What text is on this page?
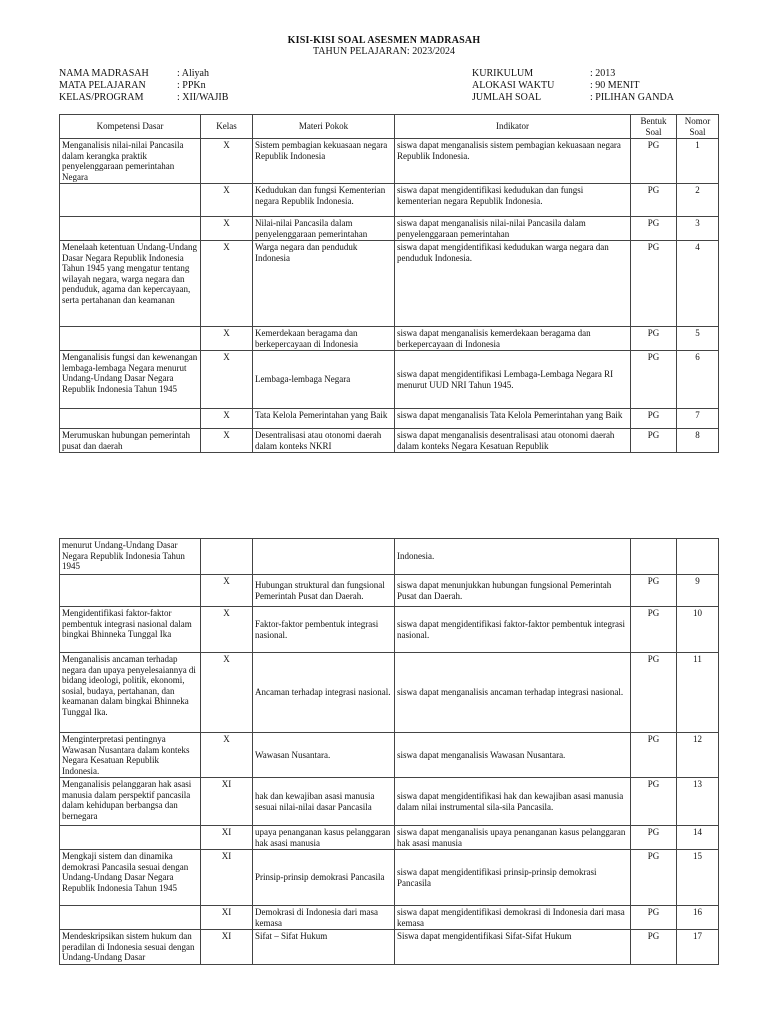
KISI-KISI SOAL ASESMEN MADRASAH
TAHUN PELAJARAN: 2023/2024
NAMA MADRASAH	: Aliyah
MATA PELAJARAN	: PPKn
KELAS/PROGRAM	: XII/WAJIB
KURIKULUM	: 2013
ALOKASI WAKTU	: 90 MENIT
JUMLAH SOAL	: PILIHAN GANDA
Kompetensi Dasar	Kelas	Materi Pokok	Indikator	Bentuk Soal	Nomor Soal
Menganalisis nilai-nilai Pancasila dalam kerangka praktik penyelenggaraan pemerintahan Negara	X	Sistem pembagian kekuasaan negara Republik Indonesia	siswa dapat menganalisis sistem pembagian kekuasaan negara Republik Indonesia.	PG	1
	X	Kedudukan dan fungsi Kementerian negara Republik Indonesia.	siswa dapat mengidentifikasi kedudukan dan fungsi kementerian negara Republik Indonesia.	PG	2
	X	Nilai-nilai Pancasila dalam penyelenggaraan pemerintahan	siswa dapat menganalisis nilai-nilai Pancasila dalam penyelenggaraan pemerintahan	PG	3
Menelaah ketentuan Undang-Undang Dasar Negara Republik Indonesia Tahun 1945 yang mengatur tentang wilayah negara, warga negara dan penduduk, agama dan kepercayaan, serta pertahanan dan keamanan	X	Warga negara dan penduduk Indonesia	siswa dapat mengidentifikasi kedudukan warga negara dan penduduk Indonesia.	PG	4
	X	Kemerdekaan beragama dan berkepercayaan di Indonesia	siswa dapat menganalisis kemerdekaan beragama dan berkepercayaan di Indonesia	PG	5
Menganalisis fungsi dan kewenangan lembaga-lembaga Negara menurut Undang-Undang Dasar Negara Republik Indonesia Tahun 1945	X	Lembaga-lembaga Negara	siswa dapat mengidentifikasi Lembaga-Lembaga Negara RI menurut UUD NRI Tahun 1945.	PG	6
	X	Tata Kelola Pemerintahan yang Baik	siswa dapat menganalisis Tata Kelola Pemerintahan yang Baik	PG	7
Merumuskan hubungan pemerintah pusat dan daerah	X	Desentralisasi atau otonomi daerah dalam konteks NKRI	siswa dapat menganalisis desentralisasi atau otonomi daerah dalam konteks Negara Kesatuan Republik	PG	8
menurut Undang-Undang Dasar Negara Republik Indonesia Tahun 1945			Indonesia.		
	X	Hubungan struktural dan fungsional Pemerintah Pusat dan Daerah.	siswa dapat menunjukkan hubungan fungsional Pemerintah Pusat dan Daerah.	PG	9
Mengidentifikasi faktor-faktor pembentuk integrasi nasional dalam bingkai Bhinneka Tunggal Ika	X	Faktor-faktor pembentuk integrasi nasional.	siswa dapat mengidentifikasi faktor-faktor pembentuk integrasi nasional.	PG	10
Menganalisis ancaman terhadap negara dan upaya penyelesaiannya di bidang ideologi, politik, ekonomi, sosial, budaya, pertahanan, dan keamanan dalam bingkai Bhinneka Tunggal Ika.	X	Ancaman terhadap integrasi nasional.	siswa dapat menganalisis ancaman terhadap integrasi nasional.	PG	11
Menginterpretasi pentingnya Wawasan Nusantara dalam konteks Negara Kesatuan Republik Indonesia.	X	Wawasan Nusantara.	siswa dapat menganalisis Wawasan Nusantara.	PG	12
Menganalisis pelanggaran hak asasi manusia dalam perspektif pancasila dalam kehidupan berbangsa dan bernegara	XI	hak dan kewajiban asasi manusia sesuai nilai-nilai dasar Pancasila	siswa dapat mengidentifikasi hak dan kewajiban asasi manusia dalam nilai instrumental sila-sila Pancasila.	PG	13
	XI	upaya penanganan kasus pelanggaran hak asasi manusia	siswa dapat menganalisis upaya penanganan kasus pelanggaran hak asasi manusia	PG	14
Mengkaji sistem dan dinamika demokrasi Pancasila sesuai dengan Undang-Undang Dasar Negara Republik Indonesia Tahun 1945	XI	Prinsip-prinsip demokrasi Pancasila	siswa dapat mengidentifikasi prinsip-prinsip demokrasi Pancasila	PG	15
	XI	Demokrasi di Indonesia dari masa kemasa	siswa dapat mengidentifikasi demokrasi di Indonesia dari masa kemasa	PG	16
Mendeskripsikan sistem hukum dan peradilan di Indonesia sesuai dengan Undang-Undang Dasar	XI	Sifat – Sifat Hukum	Siswa dapat mengidentifikasi Sifat-Sifat Hukum	PG	17
